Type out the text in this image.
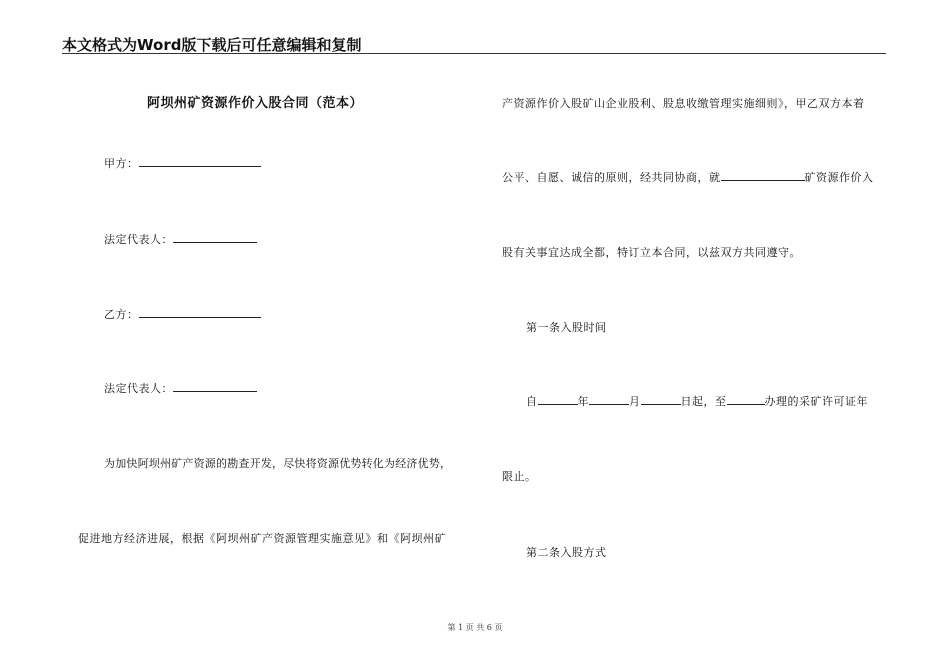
本文格式为Word版下载后可任意编辑和复制
阿坝州矿资源作价入股合同（范本）
甲方：
法定代表人：
乙方：
法定代表人：
为加快阿坝州矿产资源的勘查开发，尽快将资源优势转化为经济优势，
促进地方经济进展，根据《阿坝州矿产资源管理实施意见》和《阿坝州矿
产资源作价入股矿山企业股利、股息收缴管理实施细则》，甲乙双方本着
公平、自愿、诚信的原则，经共同协商，就	矿资源作价入
股有关事宜达成全都，特订立本合同，以兹双方共同遵守。
第一条入股时间
自	年	月	日起，至	办理的采矿许可证年
限止。
第二条入股方式
第 1 页 共 6 页
